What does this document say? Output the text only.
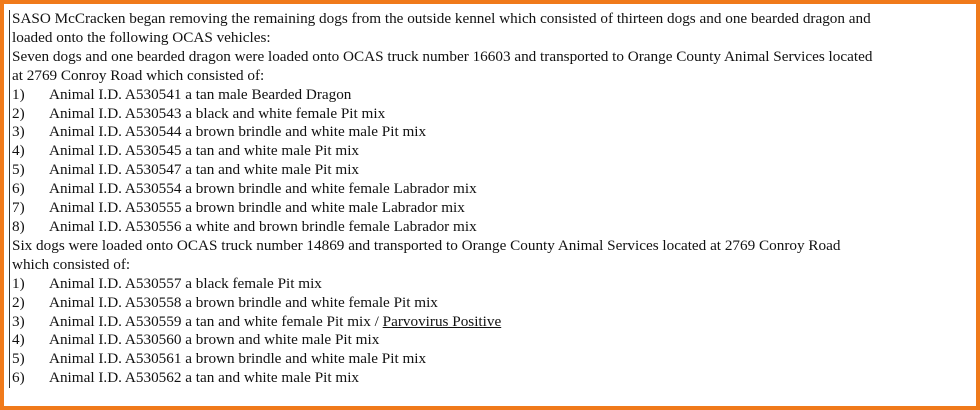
SASO McCracken began removing the remaining dogs from the outside kennel which consisted of thirteen dogs and one bearded dragon and
loaded onto the following OCAS vehicles:
Seven dogs and one bearded dragon were loaded onto OCAS truck number 16603 and transported to Orange County Animal Services located
at 2769 Conroy Road which consisted of:
1)	Animal I.D. A530541 a tan male Bearded Dragon
2)	Animal I.D. A530543 a black and white female Pit mix
3)	Animal I.D. A530544 a brown brindle and white male Pit mix
4)	Animal I.D. A530545 a tan and white male Pit mix
5)	Animal I.D. A530547 a tan and white male Pit mix
6)	Animal I.D. A530554 a brown brindle and white female Labrador mix
7)	Animal I.D. A530555 a brown brindle and white male Labrador mix
8)	Animal I.D. A530556 a white and brown brindle female Labrador mix
Six dogs were loaded onto OCAS truck number 14869 and transported to Orange County Animal Services located at 2769 Conroy Road
which consisted of:
1)	Animal I.D. A530557 a black female Pit mix
2)	Animal I.D. A530558 a brown brindle and white female Pit mix
3)	Animal I.D. A530559 a tan and white female Pit mix / Parvovirus Positive
4)	Animal I.D. A530560 a brown and white male Pit mix
5)	Animal I.D. A530561 a brown brindle and white male Pit mix
6)	Animal I.D. A530562 a tan and white male Pit mix
